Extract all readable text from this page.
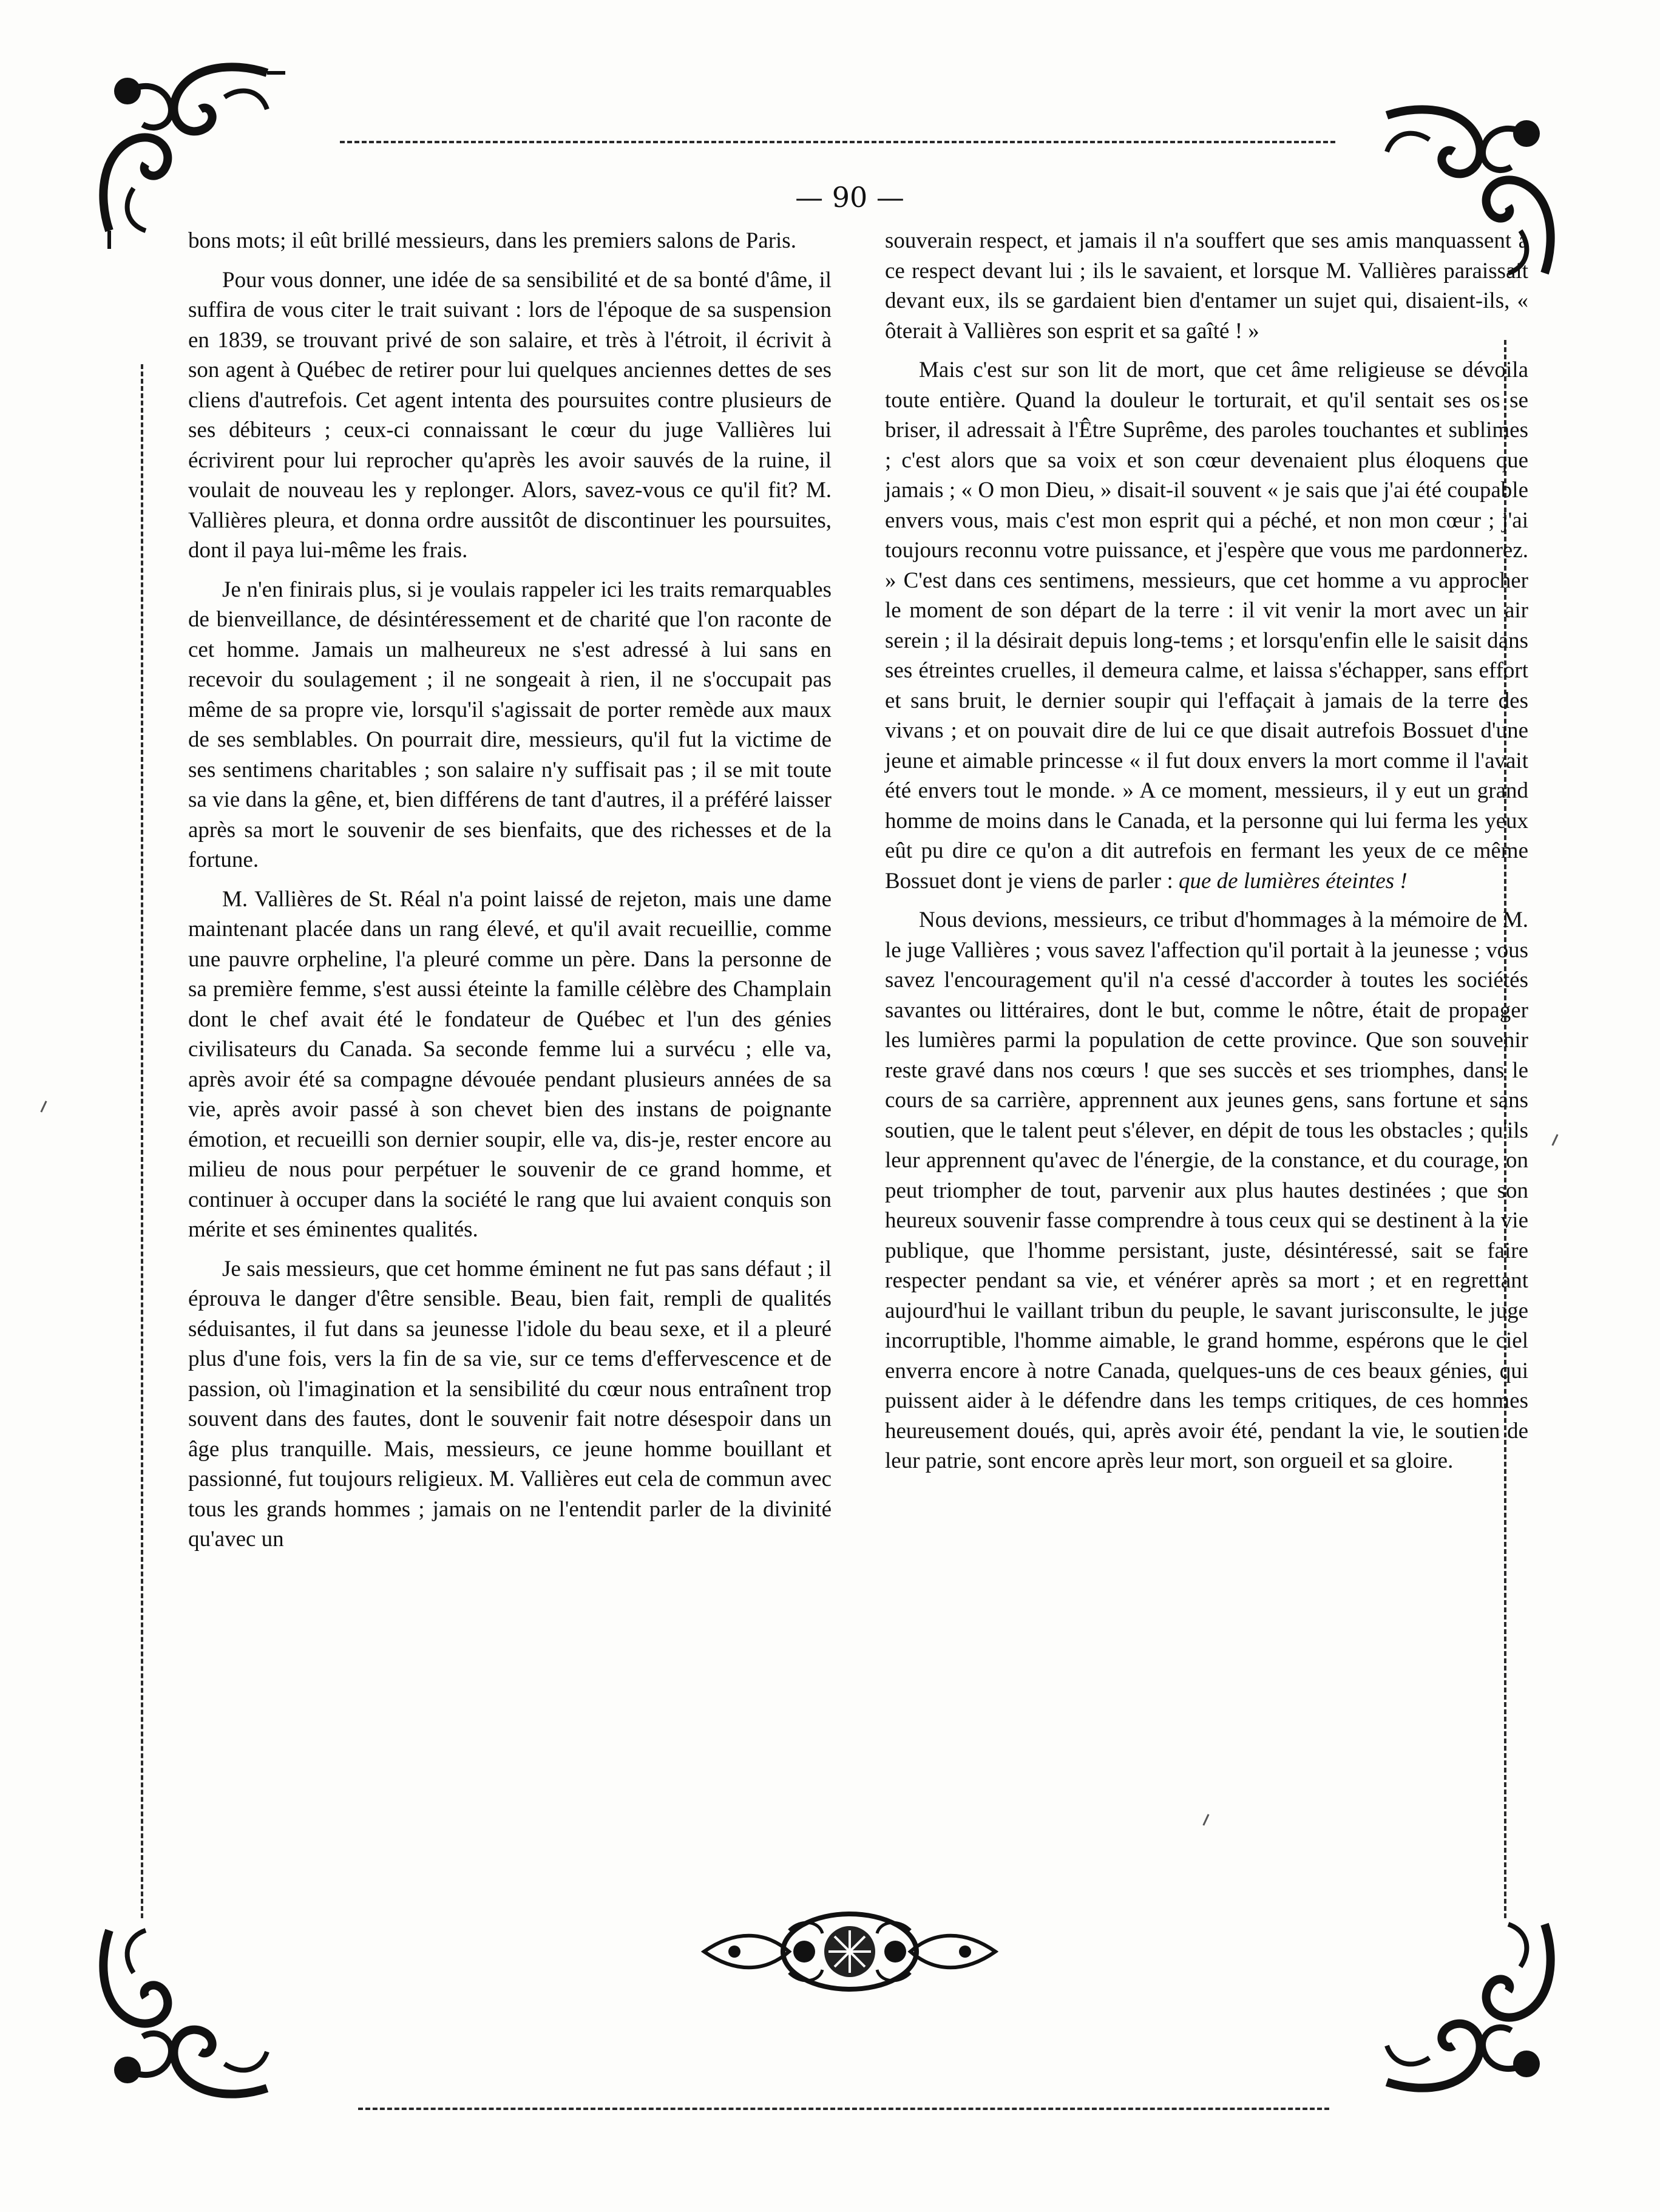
— 90 —

bons mots; il eût brillé messieurs, dans les premiers salons de Paris.

Pour vous donner, une idée de sa sensibilité et de sa bonté d'âme, il suffira de vous citer le trait suivant : lors de l'époque de sa suspension en 1839, se trouvant privé de son salaire, et très à l'étroit, il écrivit à son agent à Québec de retirer pour lui quelques anciennes dettes de ses cliens d'autrefois. Cet agent intenta des poursuites contre plusieurs de ses débiteurs ; ceux-ci connaissant le cœur du juge Vallières lui écrivirent pour lui reprocher qu'après les avoir sauvés de la ruine, il voulait de nouveau les y replonger. Alors, savez-vous ce qu'il fit? M. Vallières pleura, et donna ordre aussitôt de discontinuer les poursuites, dont il paya lui-même les frais.

Je n'en finirais plus, si je voulais rappeler ici les traits remarquables de bienveillance, de désintéressement et de charité que l'on raconte de cet homme. Jamais un malheureux ne s'est adressé à lui sans en recevoir du soulagement ; il ne songeait à rien, il ne s'occupait pas même de sa propre vie, lorsqu'il s'agissait de porter remède aux maux de ses semblables. On pourrait dire, messieurs, qu'il fut la victime de ses sentimens charitables ; son salaire n'y suffisait pas ; il se mit toute sa vie dans la gêne, et, bien différens de tant d'autres, il a préféré laisser après sa mort le souvenir de ses bienfaits, que des richesses et de la fortune.

M. Vallières de St. Réal n'a point laissé de rejeton, mais une dame maintenant placée dans un rang élevé, et qu'il avait recueillie, comme une pauvre orpheline, l'a pleuré comme un père. Dans la personne de sa première femme, s'est aussi éteinte la famille célèbre des Champlain dont le chef avait été le fondateur de Québec et l'un des génies civilisateurs du Canada. Sa seconde femme lui a survécu ; elle va, après avoir été sa compagne dévouée pendant plusieurs années de sa vie, après avoir passé à son chevet bien des instans de poignante émotion, et recueilli son dernier soupir, elle va, dis-je, rester encore au milieu de nous pour perpétuer le souvenir de ce grand homme, et continuer à occuper dans la société le rang que lui avaient conquis son mérite et ses éminentes qualités.

Je sais messieurs, que cet homme éminent ne fut pas sans défaut ; il éprouva le danger d'être sensible. Beau, bien fait, rempli de qualités séduisantes, il fut dans sa jeunesse l'idole du beau sexe, et il a pleuré plus d'une fois, vers la fin de sa vie, sur ce tems d'effervescence et de passion, où l'imagination et la sensibilité du cœur nous entraînent trop souvent dans des fautes, dont le souvenir fait notre désespoir dans un âge plus tranquille. Mais, messieurs, ce jeune homme bouillant et passionné, fut toujours religieux. M. Vallières eut cela de commun avec tous les grands hommes ; jamais on ne l'entendit parler de la divinité qu'avec un

souverain respect, et jamais il n'a souffert que ses amis manquassent à ce respect devant lui ; ils le savaient, et lorsque M. Vallières paraissait devant eux, ils se gardaient bien d'entamer un sujet qui, disaient-ils, « ôterait à Vallières son esprit et sa gaîté ! »

Mais c'est sur son lit de mort, que cet âme religieuse se dévoila toute entière. Quand la douleur le torturait, et qu'il sentait ses os se briser, il adressait à l'Être Suprême, des paroles touchantes et sublimes ; c'est alors que sa voix et son cœur devenaient plus éloquens que jamais ; « O mon Dieu, » disait-il souvent « je sais que j'ai été coupable envers vous, mais c'est mon esprit qui a péché, et non mon cœur ; j'ai toujours reconnu votre puissance, et j'espère que vous me pardonnerez. » C'est dans ces sentimens, messieurs, que cet homme a vu approcher le moment de son départ de la terre : il vit venir la mort avec un air serein ; il la désirait depuis long-tems ; et lorsqu'enfin elle le saisit dans ses étreintes cruelles, il demeura calme, et laissa s'échapper, sans effort et sans bruit, le dernier soupir qui l'effaçait à jamais de la terre des vivans ; et on pouvait dire de lui ce que disait autrefois Bossuet d'une jeune et aimable princesse « il fut doux envers la mort comme il l'avait été envers tout le monde. » A ce moment, messieurs, il y eut un grand homme de moins dans le Canada, et la personne qui lui ferma les yeux eût pu dire ce qu'on a dit autrefois en fermant les yeux de ce même Bossuet dont je viens de parler : que de lumières éteintes !

Nous devions, messieurs, ce tribut d'hommages à la mémoire de M. le juge Vallières ; vous savez l'affection qu'il portait à la jeunesse ; vous savez l'encouragement qu'il n'a cessé d'accorder à toutes les sociétés savantes ou littéraires, dont le but, comme le nôtre, était de propager les lumières parmi la population de cette province. Que son souvenir reste gravé dans nos cœurs ! que ses succès et ses triomphes, dans le cours de sa carrière, apprennent aux jeunes gens, sans fortune et sans soutien, que le talent peut s'élever, en dépit de tous les obstacles ; qu'ils leur apprennent qu'avec de l'énergie, de la constance, et du courage, on peut triompher de tout, parvenir aux plus hautes destinées ; que son heureux souvenir fasse comprendre à tous ceux qui se destinent à la vie publique, que l'homme persistant, juste, désintéressé, sait se faire respecter pendant sa vie, et vénérer après sa mort ; et en regrettant aujourd'hui le vaillant tribun du peuple, le savant jurisconsulte, le juge incorruptible, l'homme aimable, le grand homme, espérons que le ciel enverra encore à notre Canada, quelques-uns de ces beaux génies, qui puissent aider à le défendre dans les temps critiques, de ces hommes heureusement doués, qui, après avoir été, pendant la vie, le soutien de leur patrie, sont encore après leur mort, son orgueil et sa gloire.
